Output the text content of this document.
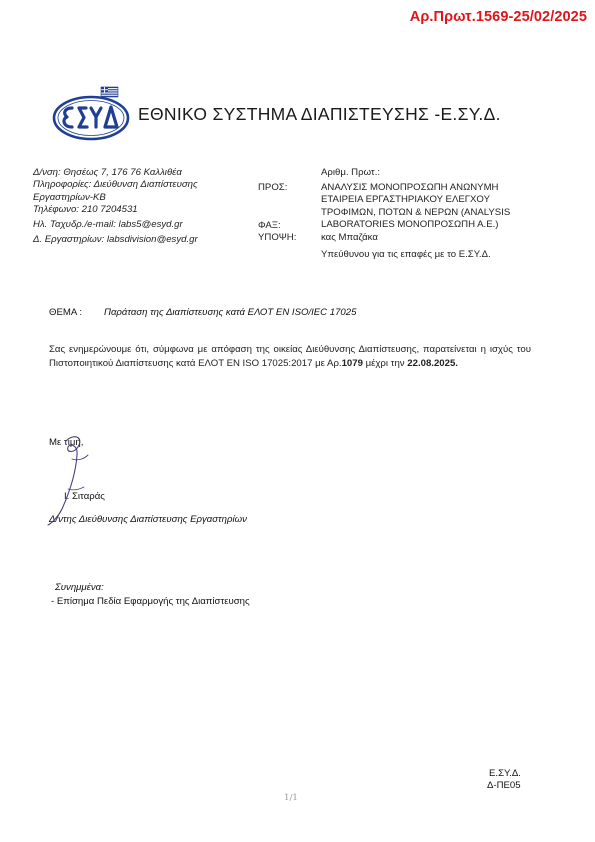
Αρ.Πρωτ.1569-25/02/2025
ΕΘΝΙΚΟ ΣΥΣΤΗΜΑ ΔΙΑΠΙΣΤΕΥΣΗΣ -Ε.ΣΥ.Δ.
Δ/νση: Θησέως 7, 176 76 Καλλιθέα
Πληροφορίες: Διεύθυνση Διαπίστευσης
Εργαστηρίων-ΚΒ
Τηλέφωνο: 210 7204531
Ηλ. Ταχυδρ./e-mail: labs5@esyd.gr
Δ. Εργαστηρίων: labsdivision@esyd.gr
Αριθμ. Πρωτ.:
ΠΡΟΣ:	ΑΝΑΛΥΣΙΣ ΜΟΝΟΠΡΟΣΩΠΗ ΑΝΩΝΥΜΗ
ΕΤΑΙΡΕΙΑ ΕΡΓΑΣΤΗΡΙΑΚΟΥ ΕΛΕΓΧΟΥ
ΤΡΟΦΙΜΩΝ, ΠΟΤΩΝ & ΝΕΡΩΝ (ANALYSIS
LABORATORIES ΜΟΝΟΠΡΟΣΩΠΗ Α.Ε.)
ΦΑΞ:
ΥΠΟΨΗ:	κας Μπαζάκα
Υπεύθυνου για τις επαφές με το Ε.ΣΥ.Δ.
ΘΕΜΑ : Παράταση της Διαπίστευσης κατά ΕΛΟΤ EN ISO/IEC 17025
Σας ενημερώνουμε ότι, σύμφωνα με απόφαση της οικείας Διεύθυνσης Διαπίστευσης, παρατείνεται η ισχύς του Πιστοποιητικού Διαπίστευσης κατά ΕΛΟΤ EN ISO 17025:2017 με Αρ.1079 μέχρι την 22.08.2025.
Με τιμή,
Ι. Σιταράς
Δ/ντης Διεύθυνσης Διαπίστευσης Εργαστηρίων
Συνημμένα:
- Επίσημα Πεδία Εφαρμογής της Διαπίστευσης
Ε.ΣΥ.Δ.
Δ-ΠΕ05
1/1
